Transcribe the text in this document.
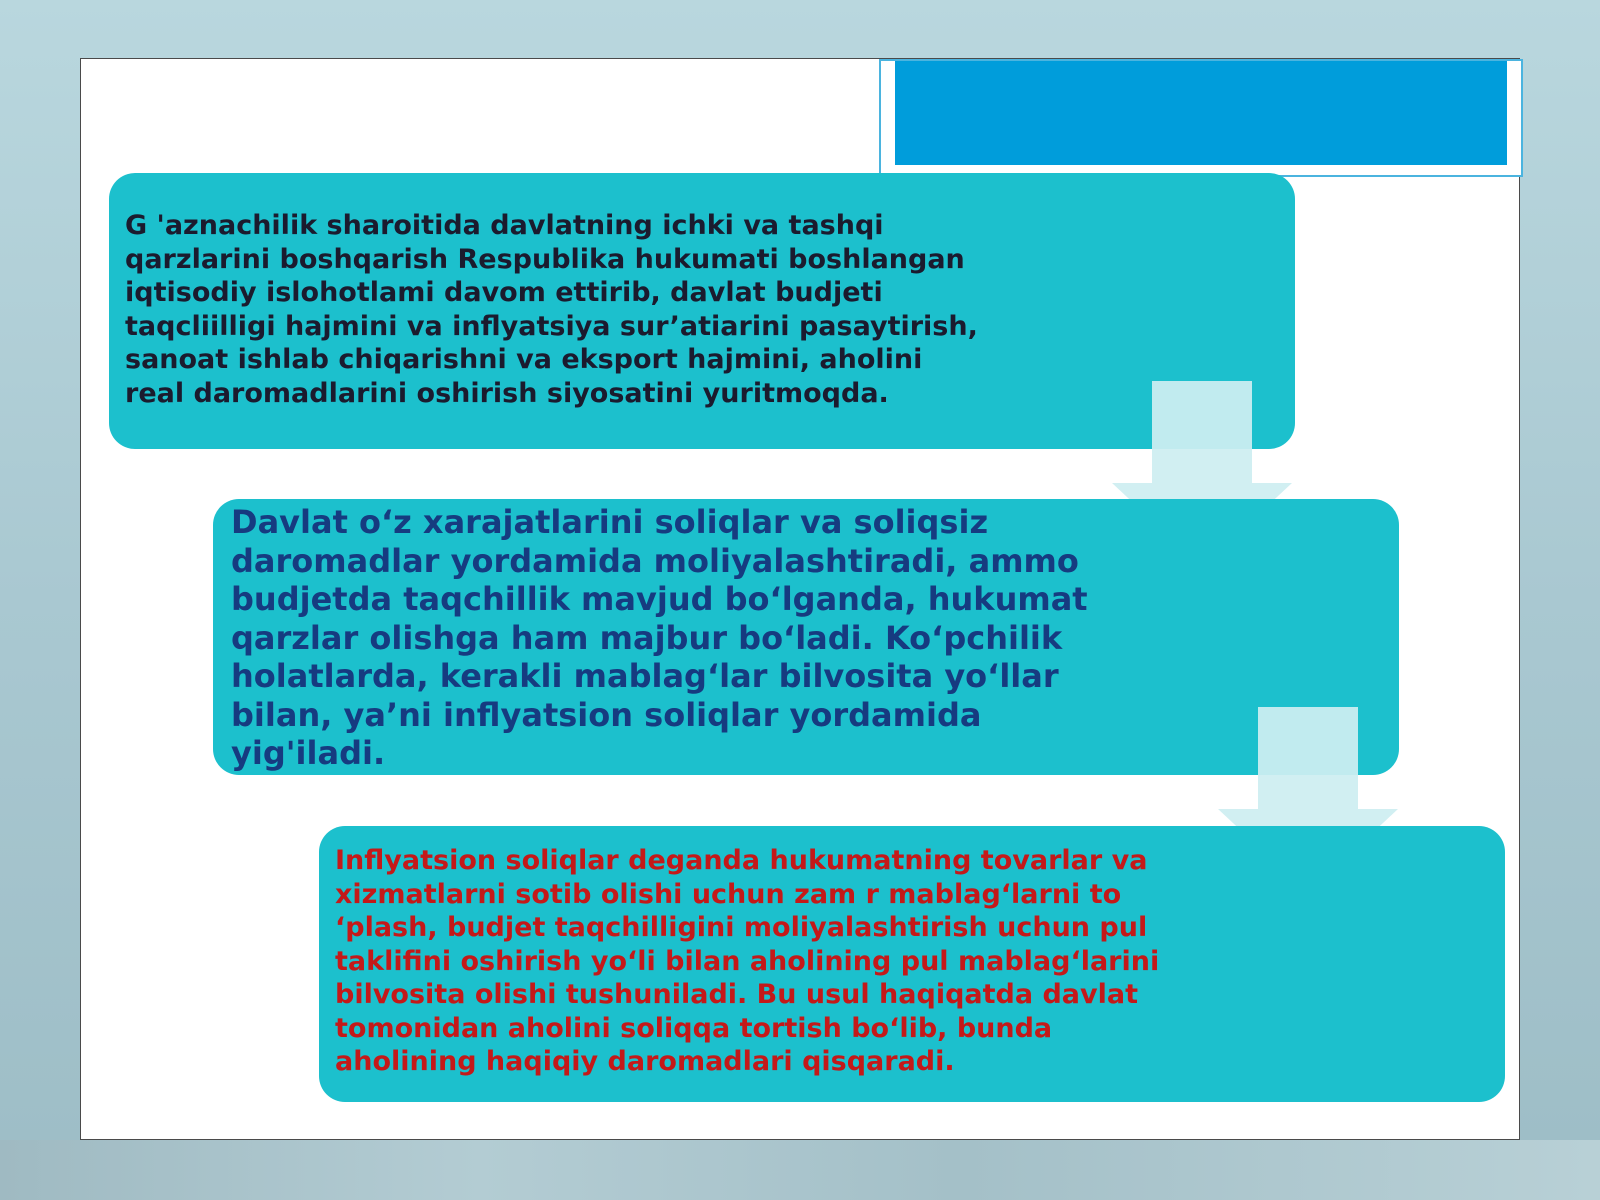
G 'aznachilik sharoitida davlatning ichki va tashqi
qarzlarini boshqarish Respublika hukumati boshlangan
iqtisodiy islohotlami davom ettirib, davlat budjeti
taqcliilligi hajmini va inflyatsiya sur’atiarini pasaytirish,
sanoat ishlab chiqarishni va eksport hajmini, aholini
real daromadlarini oshirish siyosatini yuritmoqda.
Davlat o‘z xarajatlarini soliqlar va soliqsiz
daromadlar yordamida moliyalashtiradi, ammo
budjetda taqchillik mavjud bo‘lganda, hukumat
qarzlar olishga ham majbur bo‘ladi. Ko‘pchilik
holatlarda, kerakli mablag‘lar bilvosita yo‘llar
bilan, ya’ni inflyatsion soliqlar yordamida
yig'iladi.
Inflyatsion soliqlar deganda hukumatning tovarlar va
xizmatlarni sotib olishi uchun zam r mablag‘larni to
‘plash, budjet taqchilligini moliyalashtirish uchun pul
taklifini oshirish yo‘li bilan aholining pul mablag‘larini
bilvosita olishi tushuniladi. Bu usul haqiqatda davlat
tomonidan aholini soliqqa tortish bo‘lib, bunda
aholining haqiqiy daromadlari qisqaradi.
